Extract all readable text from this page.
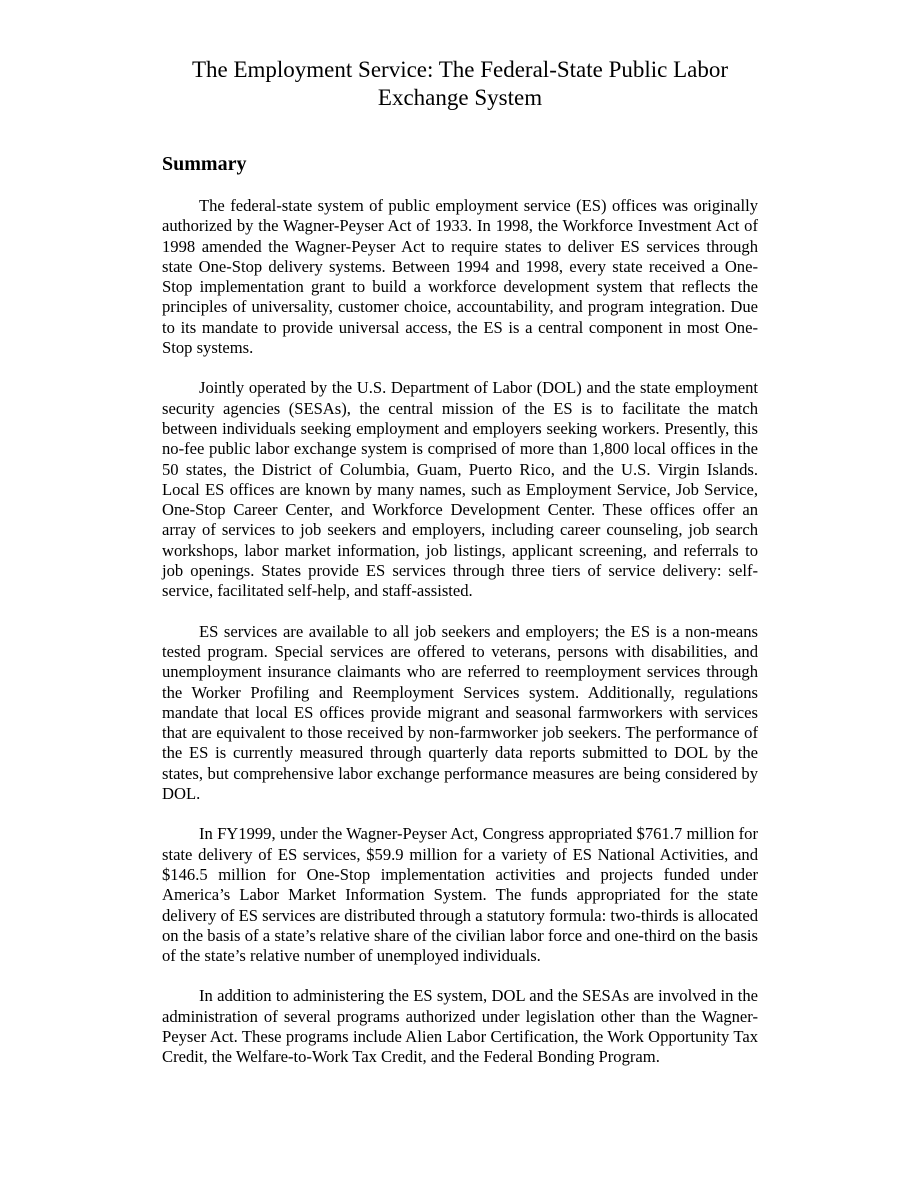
The Employment Service: The Federal-State Public Labor
Exchange System
Summary

The federal-state system of public employment service (ES) offices was originally authorized by the Wagner-Peyser Act of 1933. In 1998, the Workforce Investment Act of 1998 amended the Wagner-Peyser Act to require states to deliver ES services through state One-Stop delivery systems. Between 1994 and 1998, every state received a One-Stop implementation grant to build a workforce development system that reflects the principles of universality, customer choice, accountability, and program integration. Due to its mandate to provide universal access, the ES is a central component in most One-Stop systems.

Jointly operated by the U.S. Department of Labor (DOL) and the state employment security agencies (SESAs), the central mission of the ES is to facilitate the match between individuals seeking employment and employers seeking workers. Presently, this no-fee public labor exchange system is comprised of more than 1,800 local offices in the 50 states, the District of Columbia, Guam, Puerto Rico, and the U.S. Virgin Islands. Local ES offices are known by many names, such as Employment Service, Job Service, One-Stop Career Center, and Workforce Development Center. These offices offer an array of services to job seekers and employers, including career counseling, job search workshops, labor market information, job listings, applicant screening, and referrals to job openings. States provide ES services through three tiers of service delivery: self-service, facilitated self-help, and staff-assisted.

ES services are available to all job seekers and employers; the ES is a non-means tested program. Special services are offered to veterans, persons with disabilities, and unemployment insurance claimants who are referred to reemployment services through the Worker Profiling and Reemployment Services system. Additionally, regulations mandate that local ES offices provide migrant and seasonal farmworkers with services that are equivalent to those received by non-farmworker job seekers. The performance of the ES is currently measured through quarterly data reports submitted to DOL by the states, but comprehensive labor exchange performance measures are being considered by DOL.

In FY1999, under the Wagner-Peyser Act, Congress appropriated $761.7 million for state delivery of ES services, $59.9 million for a variety of ES National Activities, and $146.5 million for One-Stop implementation activities and projects funded under America’s Labor Market Information System. The funds appropriated for the state delivery of ES services are distributed through a statutory formula: two-thirds is allocated on the basis of a state’s relative share of the civilian labor force and one-third on the basis of the state’s relative number of unemployed individuals.

In addition to administering the ES system, DOL and the SESAs are involved in the administration of several programs authorized under legislation other than the Wagner-Peyser Act. These programs include Alien Labor Certification, the Work Opportunity Tax Credit, the Welfare-to-Work Tax Credit, and the Federal Bonding Program.
